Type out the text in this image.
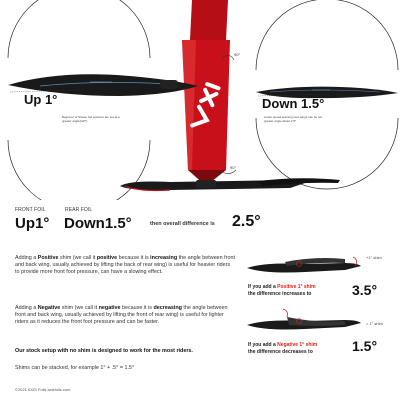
90°
90°
Up 1°
Beginner of Slower foil sections are set at a greater angle(HZ?)
Down 1.5°
Lower speed learning rear wings can be set greater angle about 2.5°
FRONT FOIL	REAR FOIL
Up1° Down1.5°	then overall difference is 2.5°
Adding a Positive shim (we call it positive because it is increasing the angle between front and back wing, usually achieved by lifting the back of rear wing) is useful for heavier riders to provide more front foot pressure, can have a slowing effect.
Adding a Negative shim (we call it negative because it is decreasing the angle between front and back wing, usually achieved by lifting the front of rear wing) is useful for lighter riders as it reduces the front foot pressure and can be faster.
Our stock setup with no shim is designed to work for the most riders.
Shims can be stacked, for example 1° + .5° = 1.5°
+1° shim
If you add a Positive 1° shim
the difference increases to	3.5°
= 1° shim
If you add a Negative 1° shim
the difference decreases to	1.5°
©2021 AXIS Foils axisfoils.com
